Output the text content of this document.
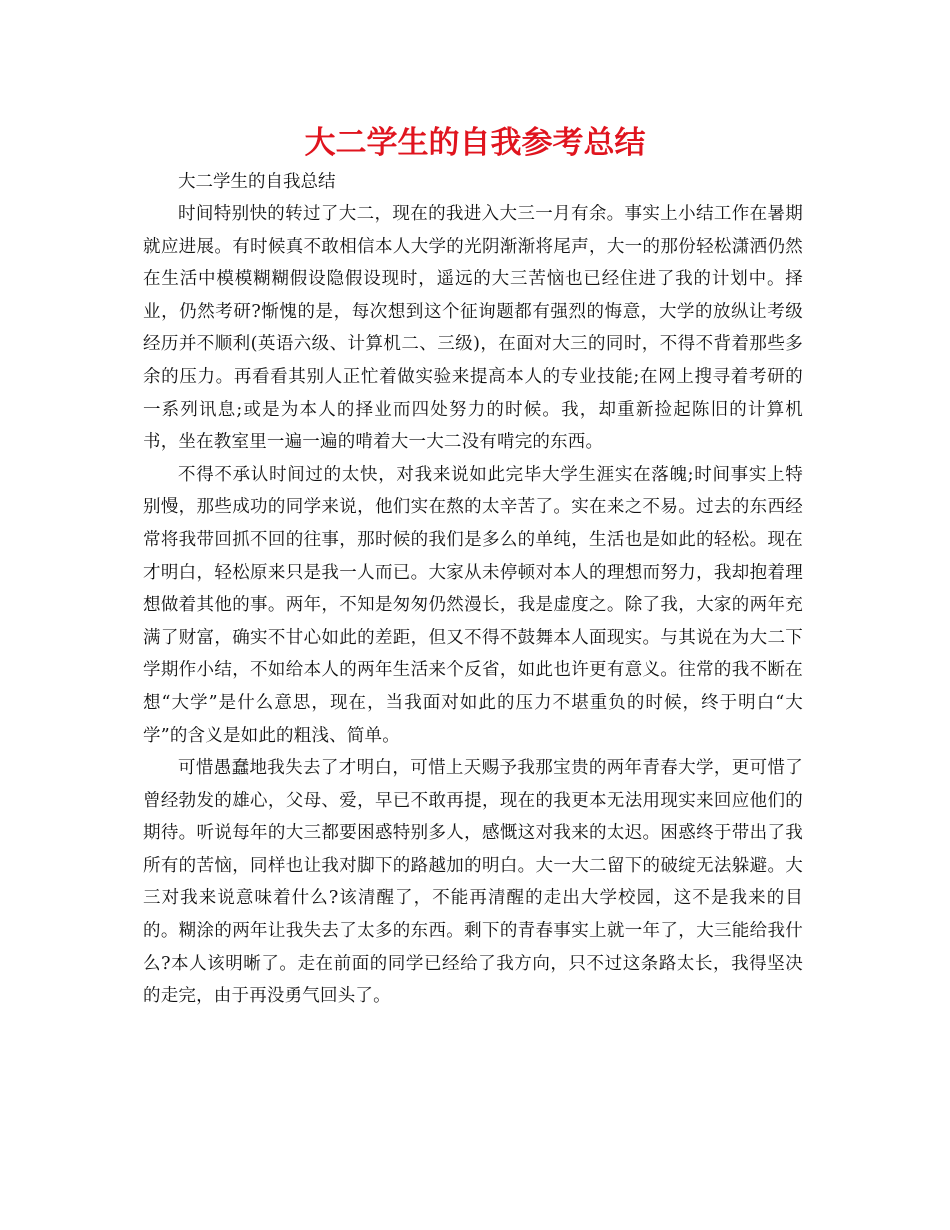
大二学生的自我参考总结

大二学生的自我总结

时间特别快的转过了大二，现在的我进入大三一月有余。事实上小结工作在暑期就应进展。有时候真不敢相信本人大学的光阴渐渐将尾声，大一的那份轻松潇洒仍然在生活中模模糊糊假设隐假设现时，遥远的大三苦恼也已经住进了我的计划中。择业，仍然考研?惭愧的是，每次想到这个征询题都有强烈的悔意，大学的放纵让考级经历并不顺利(英语六级、计算机二、三级)，在面对大三的同时，不得不背着那些多余的压力。再看看其别人正忙着做实验来提高本人的专业技能;在网上搜寻着考研的一系列讯息;或是为本人的择业而四处努力的时候。我，却重新捡起陈旧的计算机书，坐在教室里一遍一遍的啃着大一大二没有啃完的东西。

不得不承认时间过的太快，对我来说如此完毕大学生涯实在落魄;时间事实上特别慢，那些成功的同学来说，他们实在熬的太辛苦了。实在来之不易。过去的东西经常将我带回抓不回的往事，那时候的我们是多么的单纯，生活也是如此的轻松。现在才明白，轻松原来只是我一人而已。大家从未停顿对本人的理想而努力，我却抱着理想做着其他的事。两年，不知是匆匆仍然漫长，我是虚度之。除了我，大家的两年充满了财富，确实不甘心如此的差距，但又不得不鼓舞本人面现实。与其说在为大二下学期作小结，不如给本人的两年生活来个反省，如此也许更有意义。往常的我不断在想“大学”是什么意思，现在，当我面对如此的压力不堪重负的时候，终于明白“大学”的含义是如此的粗浅、简单。

可惜愚蠢地我失去了才明白，可惜上天赐予我那宝贵的两年青春大学，更可惜了曾经勃发的雄心，父母、爱，早已不敢再提，现在的我更本无法用现实来回应他们的期待。听说每年的大三都要困惑特别多人，感慨这对我来的太迟。困惑终于带出了我所有的苦恼，同样也让我对脚下的路越加的明白。大一大二留下的破绽无法躲避。大三对我来说意味着什么?该清醒了，不能再清醒的走出大学校园，这不是我来的目的。糊涂的两年让我失去了太多的东西。剩下的青春事实上就一年了，大三能给我什么?本人该明晰了。走在前面的同学已经给了我方向，只不过这条路太长，我得坚决的走完，由于再没勇气回头了。
